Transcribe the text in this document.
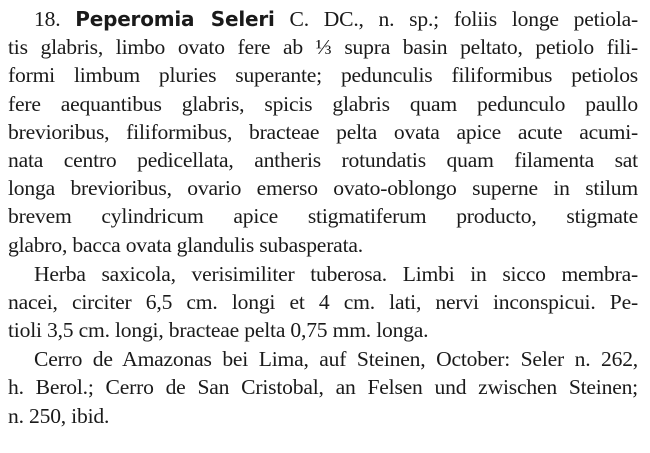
18. Peperomia Seleri C. DC., n. sp.; foliis longe petiola-
tis glabris, limbo ovato fere ab ⅓ supra basin peltato, petiolo fili-
formi limbum pluries superante; pedunculis filiformibus petiolos
fere aequantibus glabris, spicis glabris quam pedunculo paullo
brevioribus, filiformibus, bracteae pelta ovata apice acute acumi-
nata centro pedicellata, antheris rotundatis quam filamenta sat
longa brevioribus, ovario emerso ovato-oblongo superne in stilum
brevem cylindricum apice stigmatiferum producto, stigmate
glabro, bacca ovata glandulis subasperata.

Herba saxicola, verisimiliter tuberosa. Limbi in sicco membra-
nacei, circiter 6,5 cm. longi et 4 cm. lati, nervi inconspicui. Pe-
tioli 3,5 cm. longi, bracteae pelta 0,75 mm. longa.

Cerro de Amazonas bei Lima, auf Steinen, October: Seler n. 262,
h. Berol.; Cerro de San Cristobal, an Felsen und zwischen Steinen;
n. 250, ibid.
